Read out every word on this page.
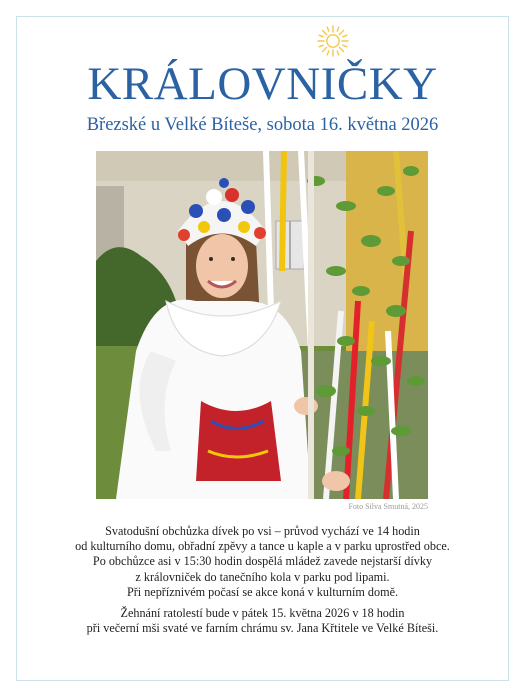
KRÁLOVNIČKY
Březské u Velké Bíteše, sobota 16. května 2026
Foto Silva Smutná, 2025

Svatodušní obchůzka dívek po vsi – průvod vychází ve 14 hodin

od kulturního domu, obřadní zpěvy a tance u kaple a v parku uprostřed obce.

Po obchůzce asi v 15:30 hodin dospělá mládež zavede nejstarší dívky

z královniček do tanečního kola v parku pod lipami.

Při nepříznivém počasí se akce koná v kulturním domě.

Žehnání ratolestí bude v pátek 15. května 2026 v 18 hodin

při večerní mši svaté ve farním chrámu sv. Jana Křtitele ve Velké Bíteši.
